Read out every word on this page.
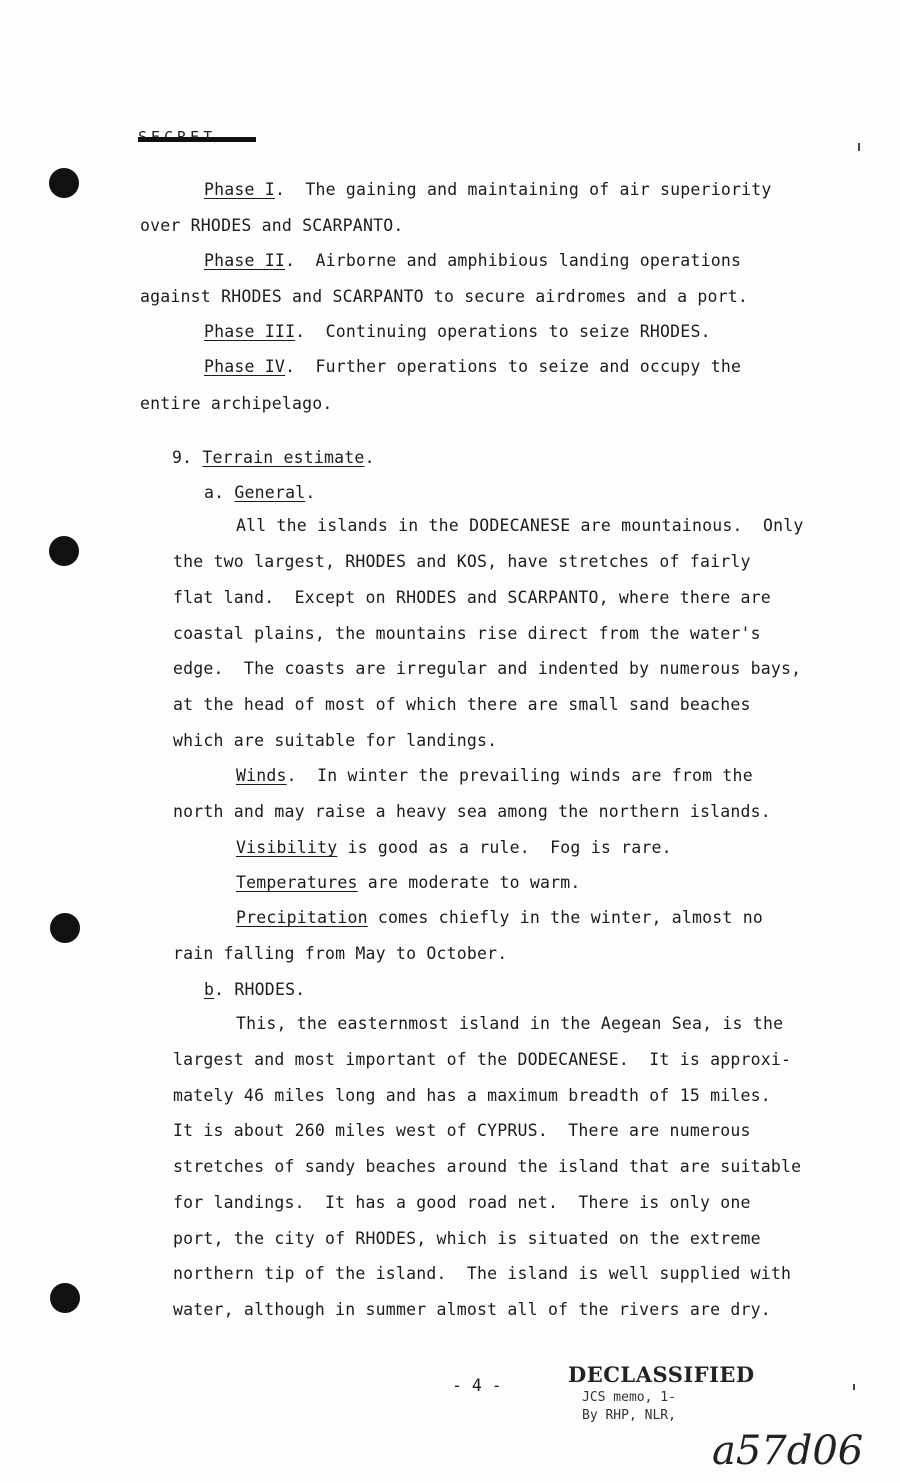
Phase I.  The gaining and maintaining of air superiority
over RHODES and SCARPANTO.
Phase II.  Airborne and amphibious landing operations
against RHODES and SCARPANTO to secure airdromes and a port.
Phase III.  Continuing operations to seize RHODES.
Phase IV.  Further operations to seize and occupy the
entire archipelago.
9. Terrain estimate.
a. General.
All the islands in the DODECANESE are mountainous.  Only
the two largest, RHODES and KOS, have stretches of fairly
flat land.  Except on RHODES and SCARPANTO, where there are
coastal plains, the mountains rise direct from the water's
edge.  The coasts are irregular and indented by numerous bays,
at the head of most of which there are small sand beaches
which are suitable for landings.
Winds.  In winter the prevailing winds are from the
north and may raise a heavy sea among the northern islands.
Visibility is good as a rule.  Fog is rare.
Temperatures are moderate to warm.
Precipitation comes chiefly in the winter, almost no
rain falling from May to October.
b. RHODES.
This, the easternmost island in the Aegean Sea, is the
largest and most important of the DODECANESE.  It is approxi-
mately 46 miles long and has a maximum breadth of 15 miles.
It is about 260 miles west of CYPRUS.  There are numerous
stretches of sandy beaches around the island that are suitable
for landings.  It has a good road net.  There is only one
port, the city of RHODES, which is situated on the extreme
northern tip of the island.  The island is well supplied with
water, although in summer almost all of the rivers are dry.
- 4 -	DECLASSIFIED
JCS memo, 1-
By RHP, NLR,
a57d06
